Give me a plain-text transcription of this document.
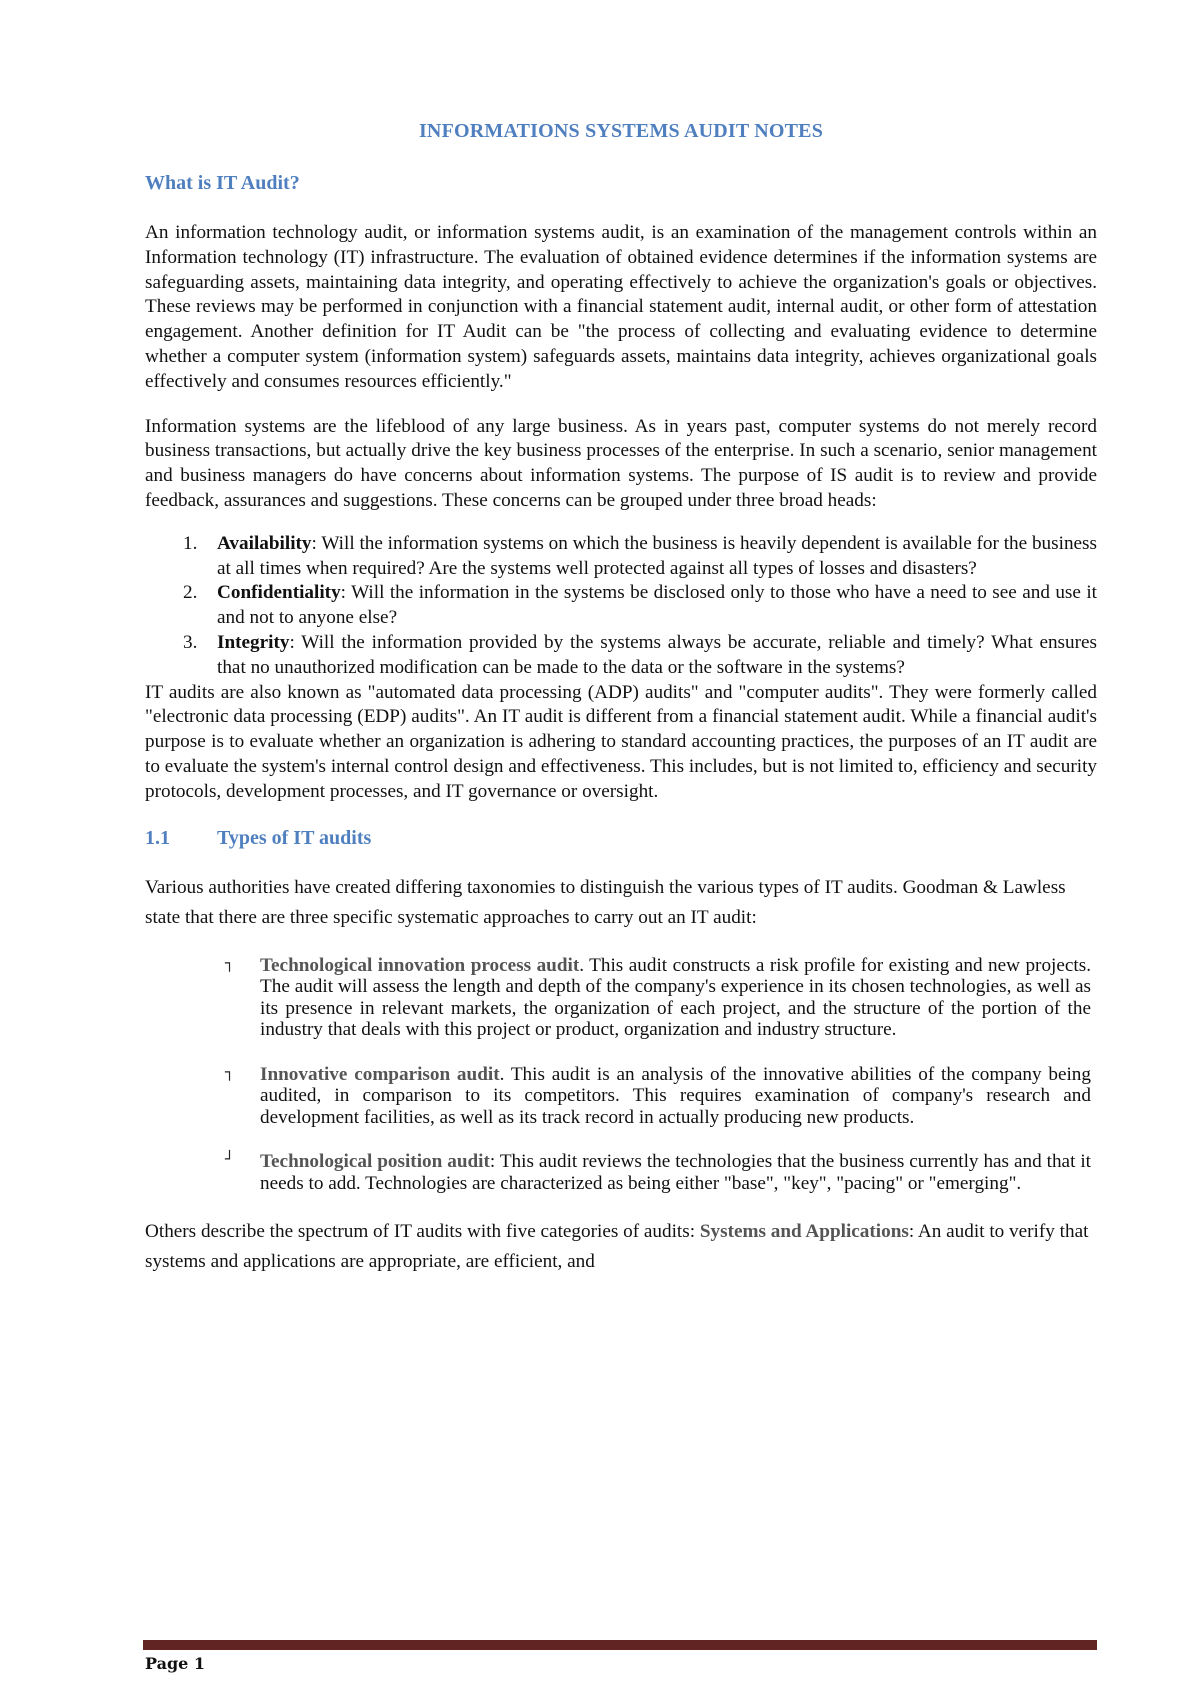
INFORMATIONS SYSTEMS AUDIT NOTES
What is IT Audit?

An information technology audit, or information systems audit, is an examination of the management controls within an Information technology (IT) infrastructure. The evaluation of obtained evidence determines if the information systems are safeguarding assets, maintaining data integrity, and operating effectively to achieve the organization's goals or objectives. These reviews may be performed in conjunction with a financial statement audit, internal audit, or other form of attestation engagement. Another definition for IT Audit can be "the process of collecting and evaluating evidence to determine whether a computer system (information system) safeguards assets, maintains data integrity, achieves organizational goals effectively and consumes resources efficiently."

Information systems are the lifeblood of any large business. As in years past, computer systems do not merely record business transactions, but actually drive the key business processes of the enterprise. In such a scenario, senior management and business managers do have concerns about information systems. The purpose of IS audit is to review and provide feedback, assurances and suggestions. These concerns can be grouped under three broad heads:

1. Availability: Will the information systems on which the business is heavily dependent is available for the business at all times when required? Are the systems well protected against all types of losses and disasters?
2. Confidentiality: Will the information in the systems be disclosed only to those who have a need to see and use it and not to anyone else?
3. Integrity: Will the information provided by the systems always be accurate, reliable and timely? What ensures that no unauthorized modification can be made to the data or the software in the systems?

IT audits are also known as "automated data processing (ADP) audits" and "computer audits". They were formerly called "electronic data processing (EDP) audits". An IT audit is different from a financial statement audit. While a financial audit's purpose is to evaluate whether an organization is adhering to standard accounting practices, the purposes of an IT audit are to evaluate the system's internal control design and effectiveness. This includes, but is not limited to, efficiency and security protocols, development processes, and IT governance or oversight.

1.1	Types of IT audits

Various authorities have created differing taxonomies to distinguish the various types of IT audits. Goodman & Lawless state that there are three specific systematic approaches to carry out an IT audit:

┐ Technological innovation process audit. This audit constructs a risk profile for existing and new projects. The audit will assess the length and depth of the company's experience in its chosen technologies, as well as its presence in relevant markets, the organization of each project, and the structure of the portion of the industry that deals with this project or product, organization and industry structure.
┐ Innovative comparison audit. This audit is an analysis of the innovative abilities of the company being audited, in comparison to its competitors. This requires examination of company's research and development facilities, as well as its track record in actually producing new products.
┘ Technological position audit: This audit reviews the technologies that the business currently has and that it needs to add. Technologies are characterized as being either "base", "key", "pacing" or "emerging".

Others describe the spectrum of IT audits with five categories of audits: Systems and Applications: An audit to verify that systems and applications are appropriate, are efficient, and

Page 1
